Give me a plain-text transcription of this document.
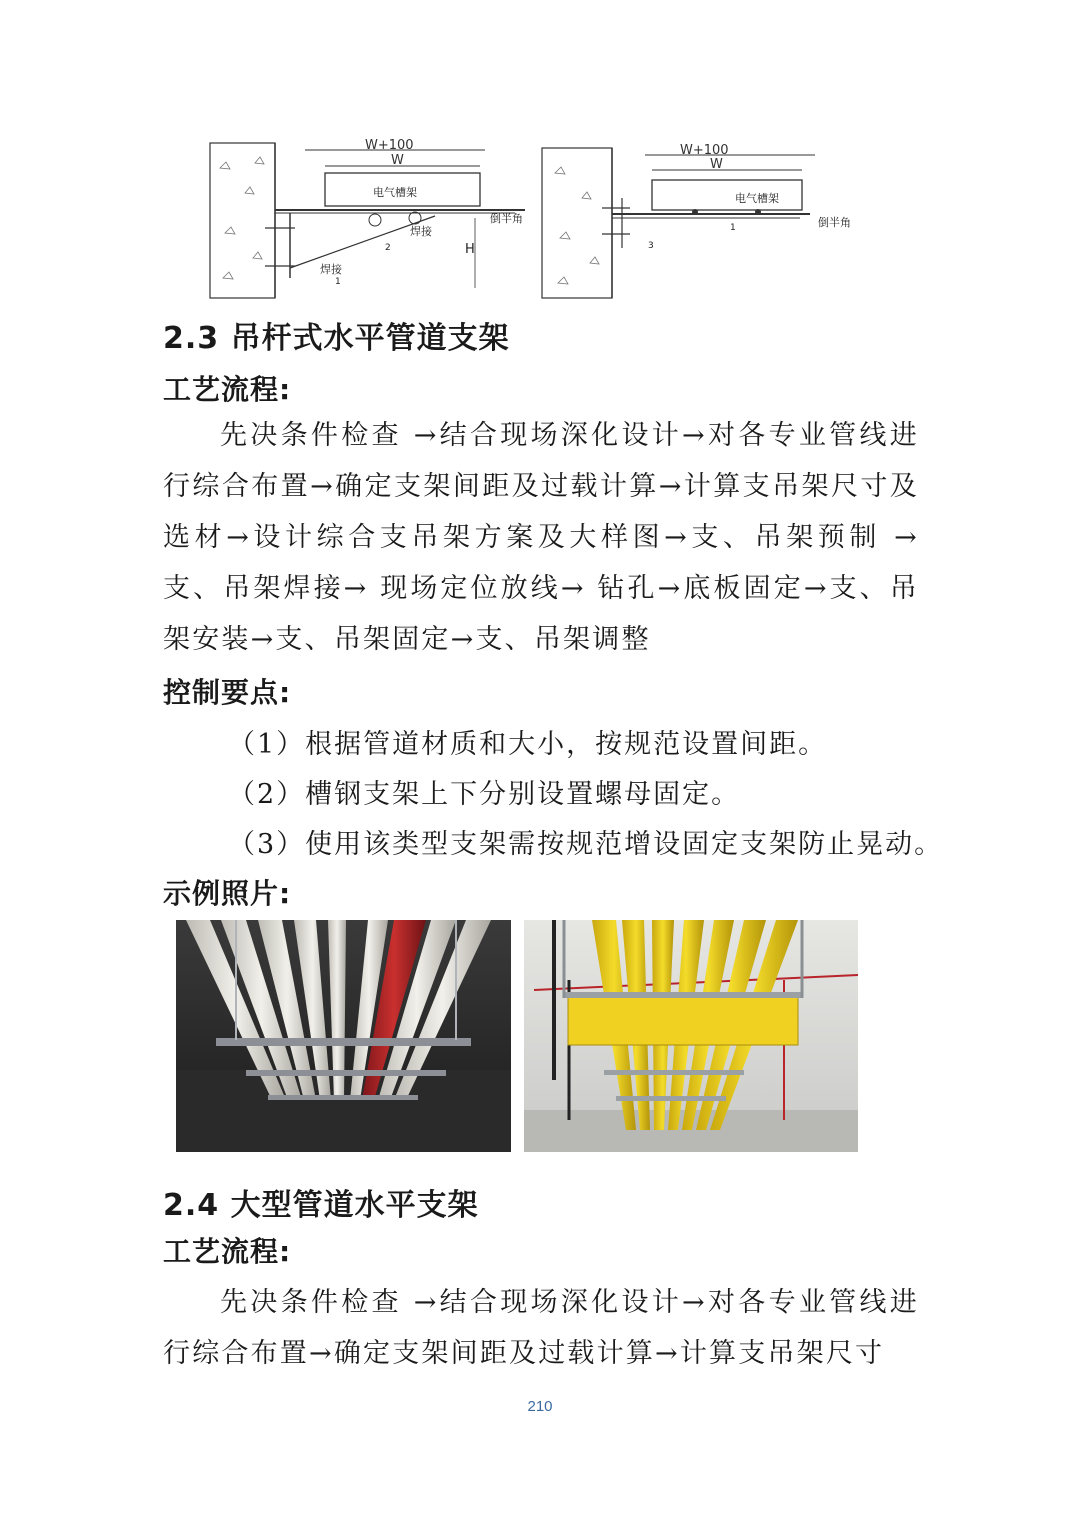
W+100
W
电气槽架
倒半角
焊接
焊接
1
2	H
W+100
W
电气槽架
倒半角
1
3
2.3 吊杆式水平管道支架
工艺流程:
先决条件检查 →结合现场深化设计→对各专业管线进行综合布置→确定支架间距及过载计算→计算支吊架尺寸及选材→设计综合支吊架方案及大样图→支、吊架预制 →支、吊架焊接→ 现场定位放线→ 钻孔→底板固定→支、吊架安装→支、吊架固定→支、吊架调整
控制要点:
（1）根据管道材质和大小，按规范设置间距。
（2）槽钢支架上下分别设置螺母固定。
（3）使用该类型支架需按规范增设固定支架防止晃动。
示例照片:
2.4 大型管道水平支架
工艺流程:
先决条件检查 →结合现场深化设计→对各专业管线进行综合布置→确定支架间距及过载计算→计算支吊架尺寸
210
